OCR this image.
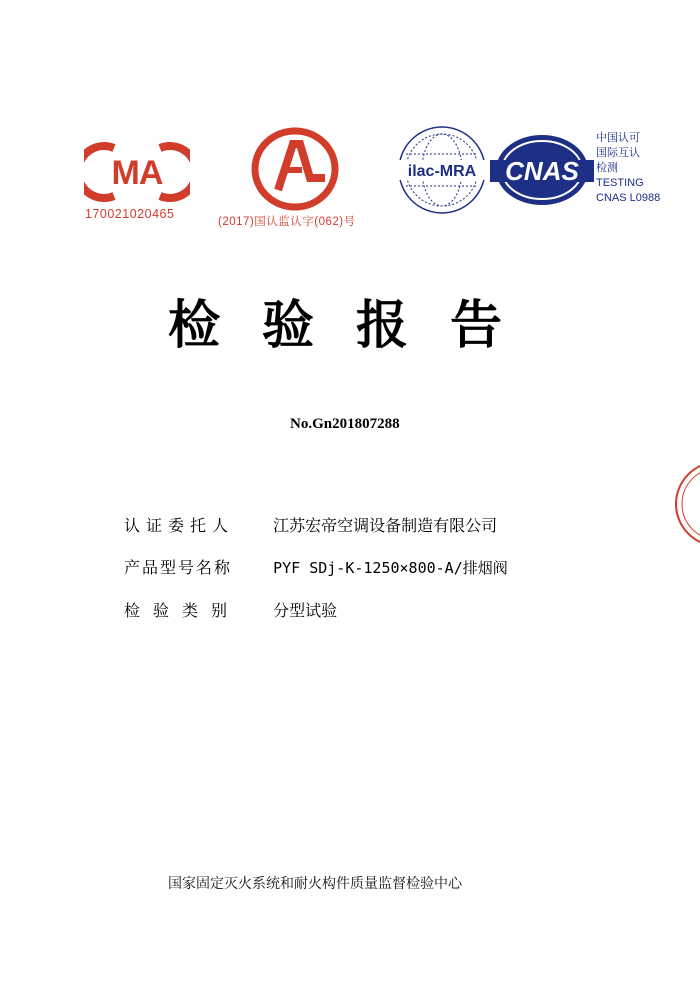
MA
170021020465
(2017)国认监认字(062)号
ilac-MRA CNAS
中国认可
国际互认
检测
TESTING
CNAS L0988
检验报告
No.Gn201807288
认证委托人 江苏宏帝空调设备制造有限公司
产品型号名称	PYF SDj-K-1250×800-A/排烟阀
检验类别 分型试验
国家固定灭火系统和耐火构件质量监督检验中心
